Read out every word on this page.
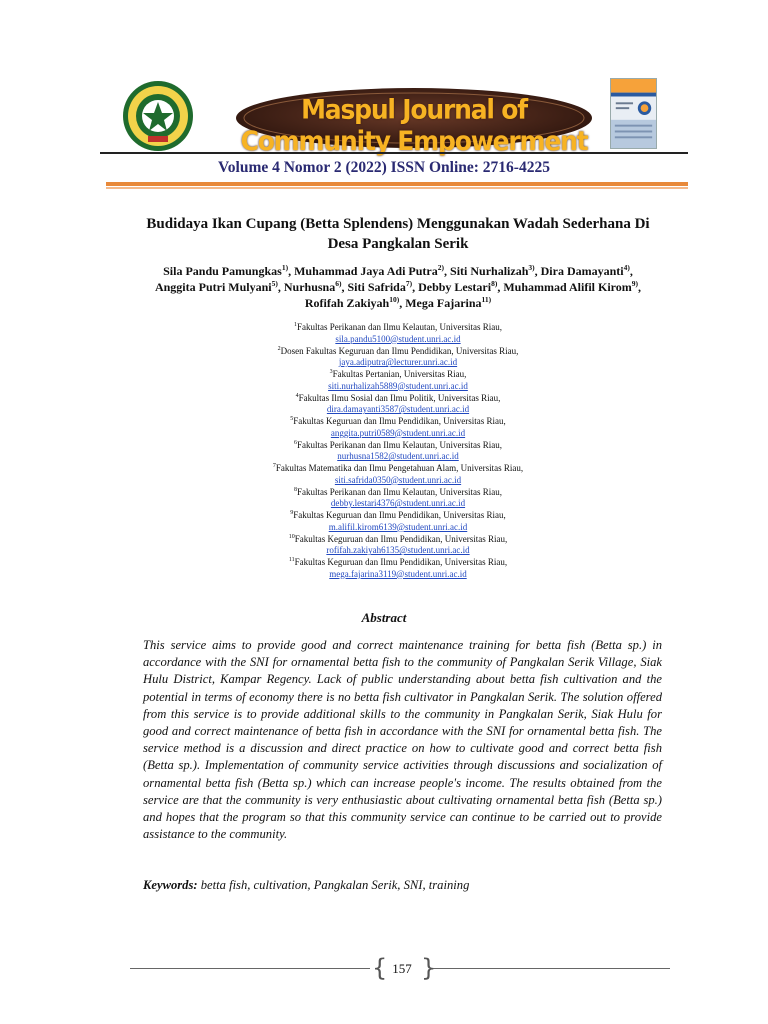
Maspul Journal of Community Empowerment
Volume 4 Nomor 2 (2022) ISSN Online: 2716-4225
Budidaya Ikan Cupang (Betta Splendens) Menggunakan Wadah Sederhana Di
Desa Pangkalan Serik
Sila Pandu Pamungkas$^{1)}$, Muhammad Jaya Adi Putra$^{2)}$, Siti Nurhalizah$^{3)}$, Dira Damayanti$^{4)}$,
Anggita Putri Mulyani$^{5)}$, Nurhusna$^{6)}$, Siti Safrida$^{7)}$, Debby Lestari$^{8)}$, Muhammad Alifil Kirom$^{9)}$,
Rofifah Zakiyah$^{10)}$, Mega Fajarina$^{11)}$
$^1$Fakultas Perikanan dan Ilmu Kelautan, Universitas Riau,
sila.pandu5100@student.unri.ac.id
$^2$Dosen Fakultas Keguruan dan Ilmu Pendidikan, Universitas Riau,
jaya.adiputra@lecturer.unri.ac.id
$^3$Fakultas Pertanian, Universitas Riau,
siti.nurhalizah5889@student.unri.ac.id
$^4$Fakultas Ilmu Sosial dan Ilmu Politik, Universitas Riau,
dira.damayanti3587@student.unri.ac.id
$^5$Fakultas Keguruan dan Ilmu Pendidikan, Universitas Riau,
anggita.putri0589@student.unri.ac.id
$^6$Fakultas Perikanan dan Ilmu Kelautan, Universitas Riau,
nurhusna1582@student.unri.ac.id
$^7$Fakultas Matematika dan Ilmu Pengetahuan Alam, Universitas Riau,
siti.safrida0350@student.unri.ac.id
$^8$Fakultas Perikanan dan Ilmu Kelautan, Universitas Riau,
debby.lestari4376@student.unri.ac.id
$^9$Fakultas Keguruan dan Ilmu Pendidikan, Universitas Riau,
m.alifil.kirom6139@student.unri.ac.id
$^{10}$Fakultas Keguruan dan Ilmu Pendidikan, Universitas Riau,
rofifah.zakiyah6135@student.unri.ac.id
$^{11}$Fakultas Keguruan dan Ilmu Pendidikan, Universitas Riau,
mega.fajarina3119@student.unri.ac.id
Abstract
This service aims to provide good and correct maintenance training for betta fish (Betta sp.) in accordance with the SNI for ornamental betta fish to the community of Pangkalan Serik Village, Siak Hulu District, Kampar Regency. Lack of public understanding about betta fish cultivation and the potential in terms of economy there is no betta fish cultivator in Pangkalan Serik. The solution offered from this service is to provide additional skills to the community in Pangkalan Serik, Siak Hulu for good and correct maintenance of betta fish in accordance with the SNI for ornamental betta fish. The service method is a discussion and direct practice on how to cultivate good and correct betta fish (Betta sp.). Implementation of community service activities through discussions and socialization of ornamental betta fish (Betta sp.) which can increase people's income. The results obtained from the service are that the community is very enthusiastic about cultivating ornamental betta fish (Betta sp.) and hopes that the program so that this community service can continue to be carried out to provide assistance to the community.
Keywords: betta fish, cultivation, Pangkalan Serik, SNI, training
{ }
157
